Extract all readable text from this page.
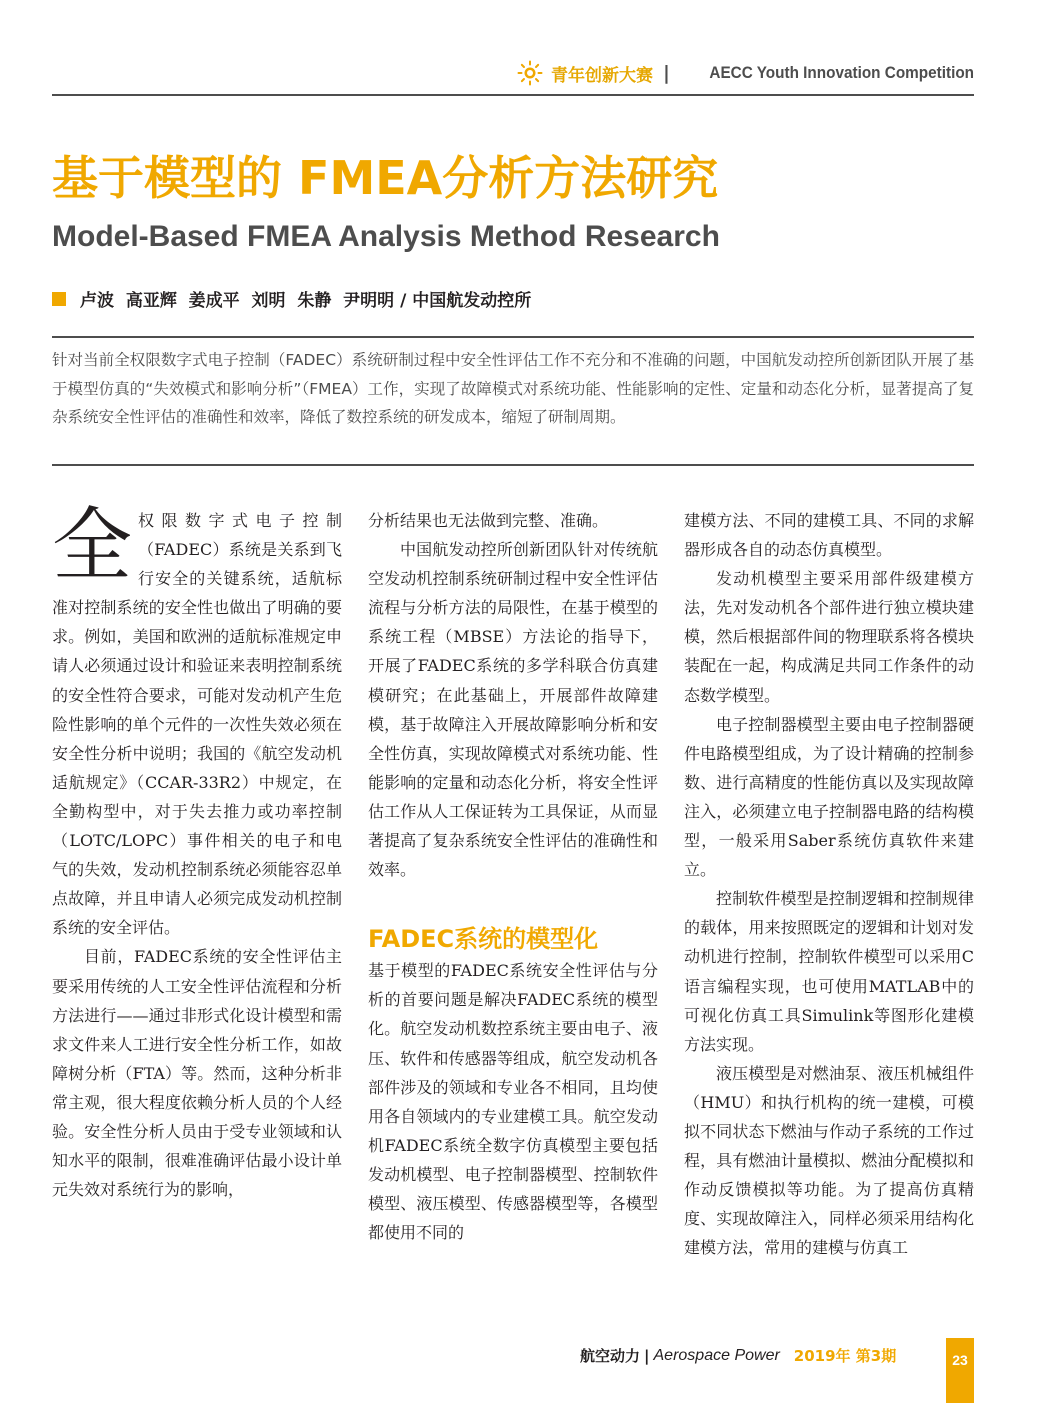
青年创新大赛 | AECC Youth Innovation Competition
基于模型的 FMEA分析方法研究
Model-Based FMEA Analysis Method Research
卢波  高亚辉  姜成平  刘明  朱静  尹明明 / 中国航发动控所

针对当前全权限数字式电子控制（FADEC）系统研制过程中安全性评估工作不充分和不准确的问题，中国航发动控所创新团队开展了基于模型仿真的“失效模式和影响分析”（FMEA）工作，实现了故障模式对系统功能、性能影响的定性、定量和动态化分析，显著提高了复杂系统安全性评估的准确性和效率，降低了数控系统的研发成本，缩短了研制周期。

全权限数字式电子控制（FADEC）系统是关系到飞行安全的关键系统，适航标准对控制系统的安全性也做出了明确的要求。例如，美国和欧洲的适航标准规定申请人必须通过设计和验证来表明控制系统的安全性符合要求，可能对发动机产生危险性影响的单个元件的一次性失效必须在安全性分析中说明；我国的《航空发动机适航规定》（CCAR-33R2）中规定，在全勤构型中，对于失去推力或功率控制（LOTC/LOPC）事件相关的电子和电气的失效，发动机控制系统必须能容忍单点故障，并且申请人必须完成发动机控制系统的安全评估。

目前，FADEC系统的安全性评估主要采用传统的人工安全性评估流程和分析方法进行——通过非形式化设计模型和需求文件来人工进行安全性分析工作，如故障树分析（FTA）等。然而，这种分析非常主观，很大程度依赖分析人员的个人经验。安全性分析人员由于受专业领域和认知水平的限制，很难准确评估最小设计单元失效对系统行为的影响，

分析结果也无法做到完整、准确。

中国航发动控所创新团队针对传统航空发动机控制系统研制过程中安全性评估流程与分析方法的局限性，在基于模型的系统工程（MBSE）方法论的指导下，开展了FADEC系统的多学科联合仿真建模研究；在此基础上，开展部件故障建模，基于故障注入开展故障影响分析和安全性仿真，实现故障模式对系统功能、性能影响的定量和动态化分析，将安全性评估工作从人工保证转为工具保证，从而显著提高了复杂系统安全性评估的准确性和效率。

FADEC系统的模型化

基于模型的FADEC系统安全性评估与分析的首要问题是解决FADEC系统的模型化。航空发动机数控系统主要由电子、液压、软件和传感器等组成，航空发动机各部件涉及的领域和专业各不相同，且均使用各自领域内的专业建模工具。航空发动机FADEC系统全数字仿真模型主要包括发动机模型、电子控制器模型、控制软件模型、液压模型、传感器模型等，各模型都使用不同的

建模方法、不同的建模工具、不同的求解器形成各自的动态仿真模型。

发动机模型主要采用部件级建模方法，先对发动机各个部件进行独立模块建模，然后根据部件间的物理联系将各模块装配在一起，构成满足共同工作条件的动态数学模型。

电子控制器模型主要由电子控制器硬件电路模型组成，为了设计精确的控制参数、进行高精度的性能仿真以及实现故障注入，必须建立电子控制器电路的结构模型，一般采用Saber系统仿真软件来建立。

控制软件模型是控制逻辑和控制规律的载体，用来按照既定的逻辑和计划对发动机进行控制，控制软件模型可以采用C语言编程实现，也可使用MATLAB中的可视化仿真工具Simulink等图形化建模方法实现。

液压模型是对燃油泵、液压机械组件（HMU）和执行机构的统一建模，可模拟不同状态下燃油与作动子系统的工作过程，具有燃油计量模拟、燃油分配模拟和作动反馈模拟等功能。为了提高仿真精度、实现故障注入，同样必须采用结构化建模方法，常用的建模与仿真工

航空动力 | Aerospace Power 2019年 第3期	23
